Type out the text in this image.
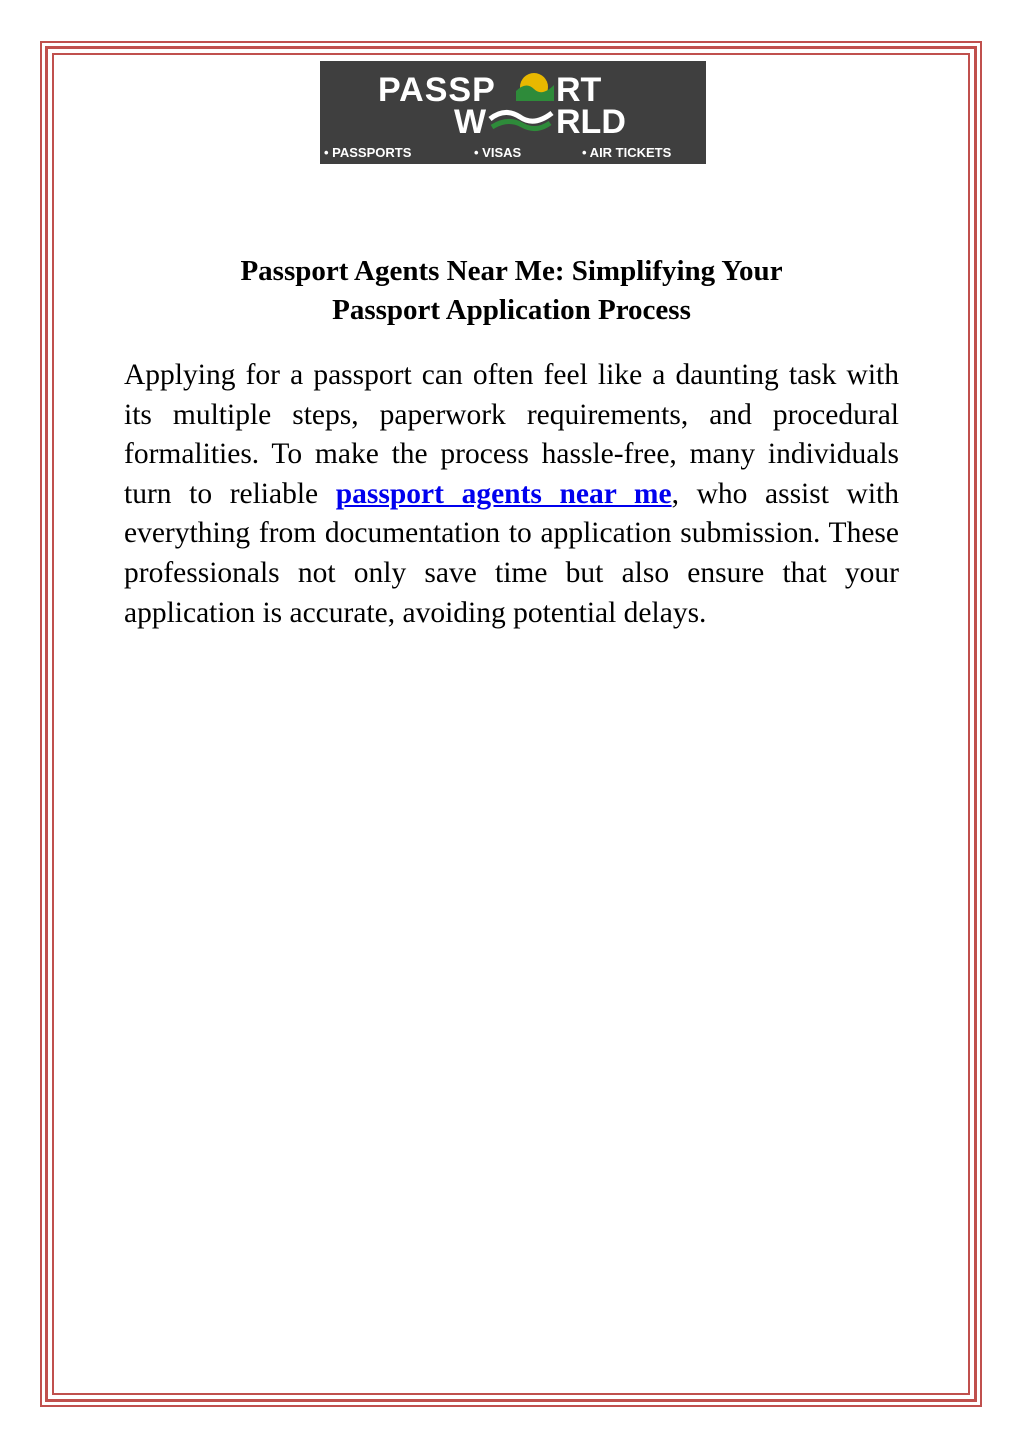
PASSP RT
W RLD
• PASSPORTS	• VISAS	• AIR TICKETS
Passport Agents Near Me: Simplifying Your
Passport Application Process

Applying for a passport can often feel like a daunting task with its multiple steps, paperwork requirements, and procedural formalities. To make the process hassle-free, many individuals turn to reliable passport agents near me, who assist with everything from documentation to application submission. These professionals not only save time but also ensure that your application is accurate, avoiding potential delays.
